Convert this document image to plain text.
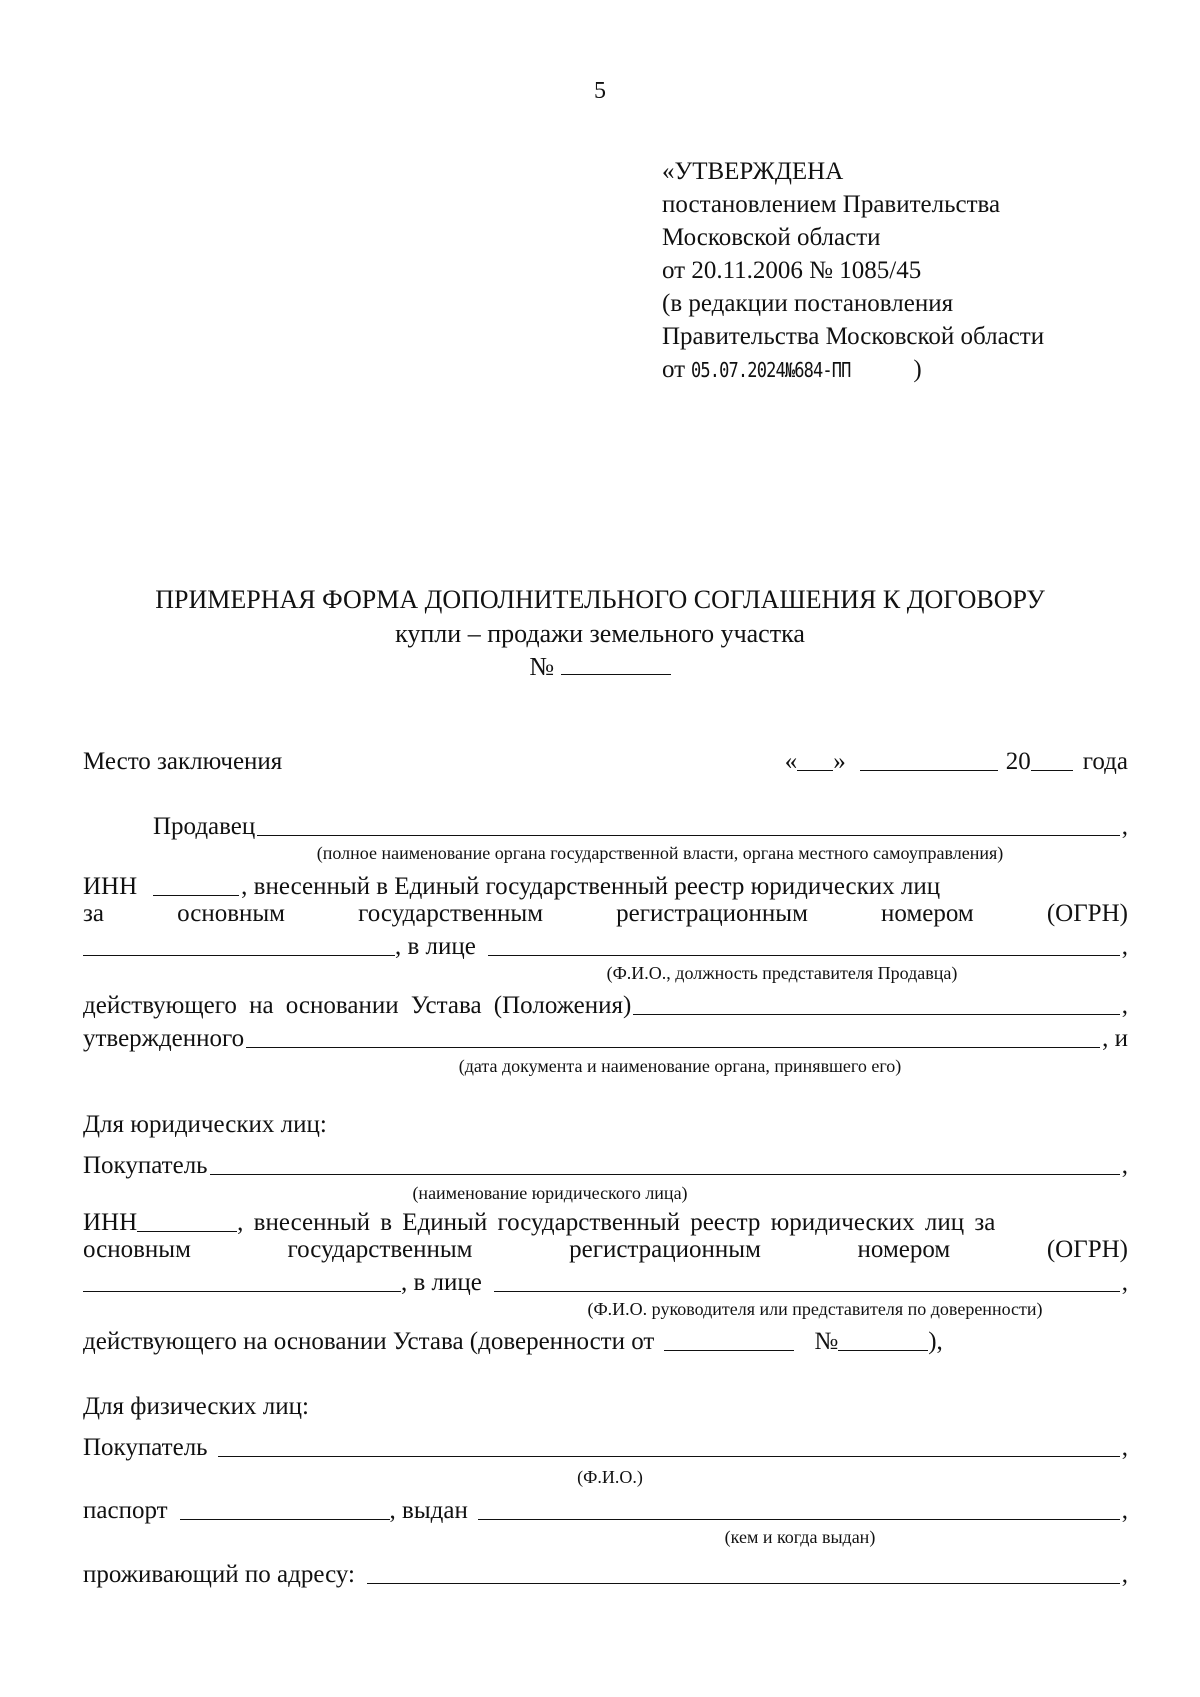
5
«УТВЕРЖДЕНА
постановлением Правительства
Московской области
от 20.11.2006 № 1085/45
(в редакции постановления
Правительства Московской области
от 05.07.2024№684-ПП )
ПРИМЕРНАЯ ФОРМА ДОПОЛНИТЕЛЬНОГО СОГЛАШЕНИЯ К ДОГОВОРУ
купли – продажи земельного участка
№
Место заключения	« »	20 года
Продавец	,
(полное наименование органа государственной власти, органа местного самоуправления)
ИНН	, внесенный в Единый государственный реестр юридических лиц
за	основным	государственным	регистрационным	номером	(ОГРН)
, в лице	,
(Ф.И.О., должность представителя Продавца)
действующего на основании Устава (Положения)	,
утвержденного	, и
(дата документа и наименование органа, принявшего его)
Для юридических лиц:
Покупатель	,
(наименование юридического лица)
ИНН	, внесенный в Единый государственный реестр юридических лиц за
основным	государственным	регистрационным	номером	(ОГРН)
, в лице	,
(Ф.И.О. руководителя или представителя по доверенности)
действующего на основании Устава (доверенности от	№	),
Для физических лиц:
Покупатель	,
(Ф.И.О.)
паспорт	, выдан	,
(кем и когда выдан)
проживающий по адресу:	,
